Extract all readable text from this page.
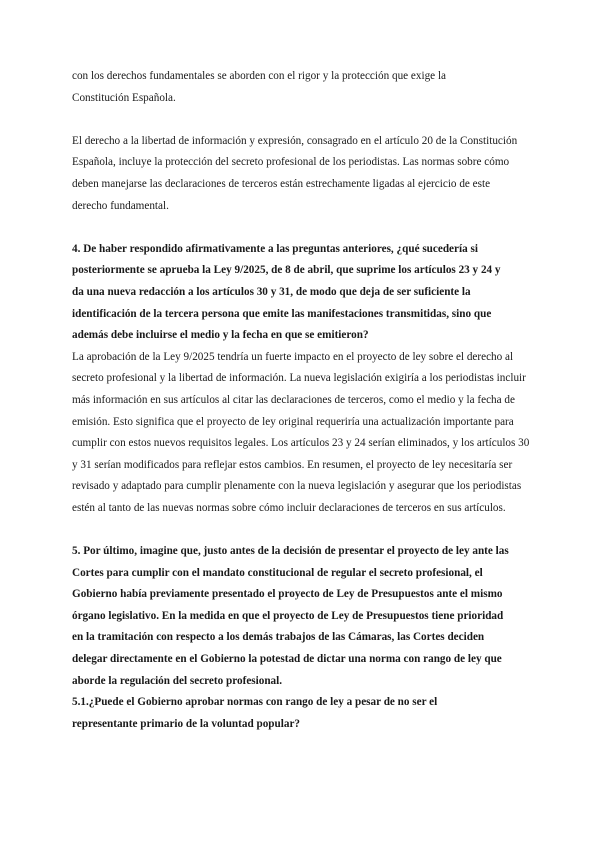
con los derechos fundamentales se aborden con el rigor y la protección que exige la Constitución Española.
El derecho a la libertad de información y expresión, consagrado en el artículo 20 de la Constitución Española, incluye la protección del secreto profesional de los periodistas. Las normas sobre cómo deben manejarse las declaraciones de terceros están estrechamente ligadas al ejercicio de este derecho fundamental.
4. De haber respondido afirmativamente a las preguntas anteriores, ¿qué sucedería si posteriormente se aprueba la Ley 9/2025, de 8 de abril, que suprime los artículos 23 y 24 y da una nueva redacción a los artículos 30 y 31, de modo que deja de ser suficiente la identificación de la tercera persona que emite las manifestaciones transmitidas, sino que además debe incluirse el medio y la fecha en que se emitieron?
La aprobación de la Ley 9/2025 tendría un fuerte impacto en el proyecto de ley sobre el derecho al secreto profesional y la libertad de información. La nueva legislación exigiría a los periodistas incluir más información en sus artículos al citar las declaraciones de terceros, como el medio y la fecha de emisión. Esto significa que el proyecto de ley original requeriría una actualización importante para cumplir con estos nuevos requisitos legales. Los artículos 23 y 24 serían eliminados, y los artículos 30 y 31 serían modificados para reflejar estos cambios. En resumen, el proyecto de ley necesitaría ser revisado y adaptado para cumplir plenamente con la nueva legislación y asegurar que los periodistas estén al tanto de las nuevas normas sobre cómo incluir declaraciones de terceros en sus artículos.
5. Por último, imagine que, justo antes de la decisión de presentar el proyecto de ley ante las Cortes para cumplir con el mandato constitucional de regular el secreto profesional, el Gobierno había previamente presentado el proyecto de Ley de Presupuestos ante el mismo órgano legislativo. En la medida en que el proyecto de Ley de Presupuestos tiene prioridad en la tramitación con respecto a los demás trabajos de las Cámaras, las Cortes deciden delegar directamente en el Gobierno la potestad de dictar una norma con rango de ley que aborde la regulación del secreto profesional.
5.1.¿Puede el Gobierno aprobar normas con rango de ley a pesar de no ser el representante primario de la voluntad popular?
